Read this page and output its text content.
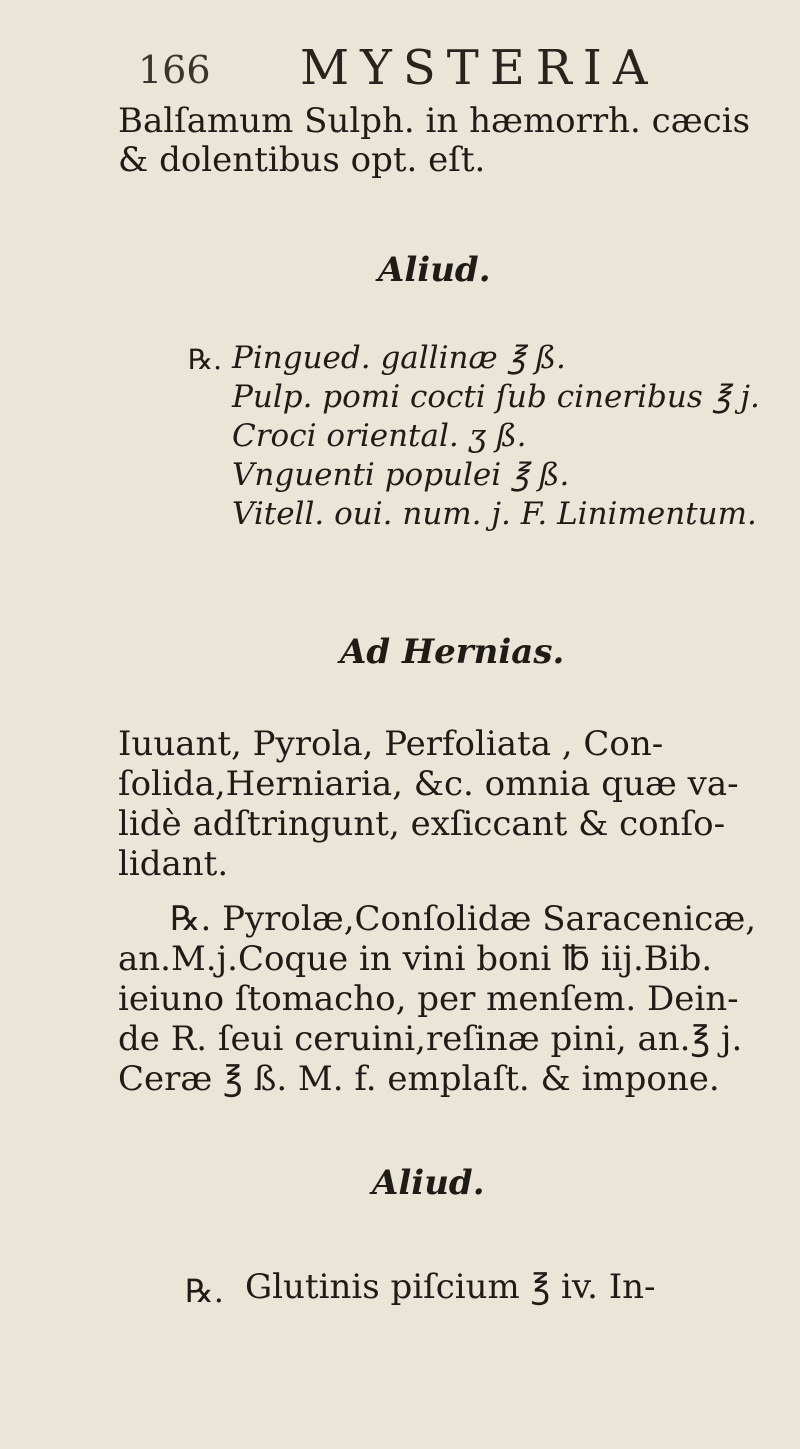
166 MYSTERIA
Balſamum Sulph. in hæmorrh. cæcis
& dolentibus opt. eſt.
Aliud.
℞. Pingued. gallinæ ℥ ß.
Pulp. pomi cocti ſub cineribus ℥ j.
Croci oriental. ʒ ß.
Vnguenti populei ℥ ß.
Vitell. oui. num. j. F. Linimentum.
Ad Hernias.
Iuuant, Pyrola, Perfoliata , Con-
ſolida,Herniaria, &c. omnia quæ va-
lidè adſtringunt, exſiccant & conſo-
lidant.
℞. Pyrolæ,Conſolidæ Saracenicæ,
an.M.j.Coque in vini boni ℔ iij.Bib.
ieiuno ſtomacho, per menſem. Dein-
de R. ſeui ceruini,reſinæ pini, an.℥ j.
Ceræ ℥ ß. M. f. emplaſt. & impone.
Aliud.
℞. Glutinis piſcium ℥ iv. In-
